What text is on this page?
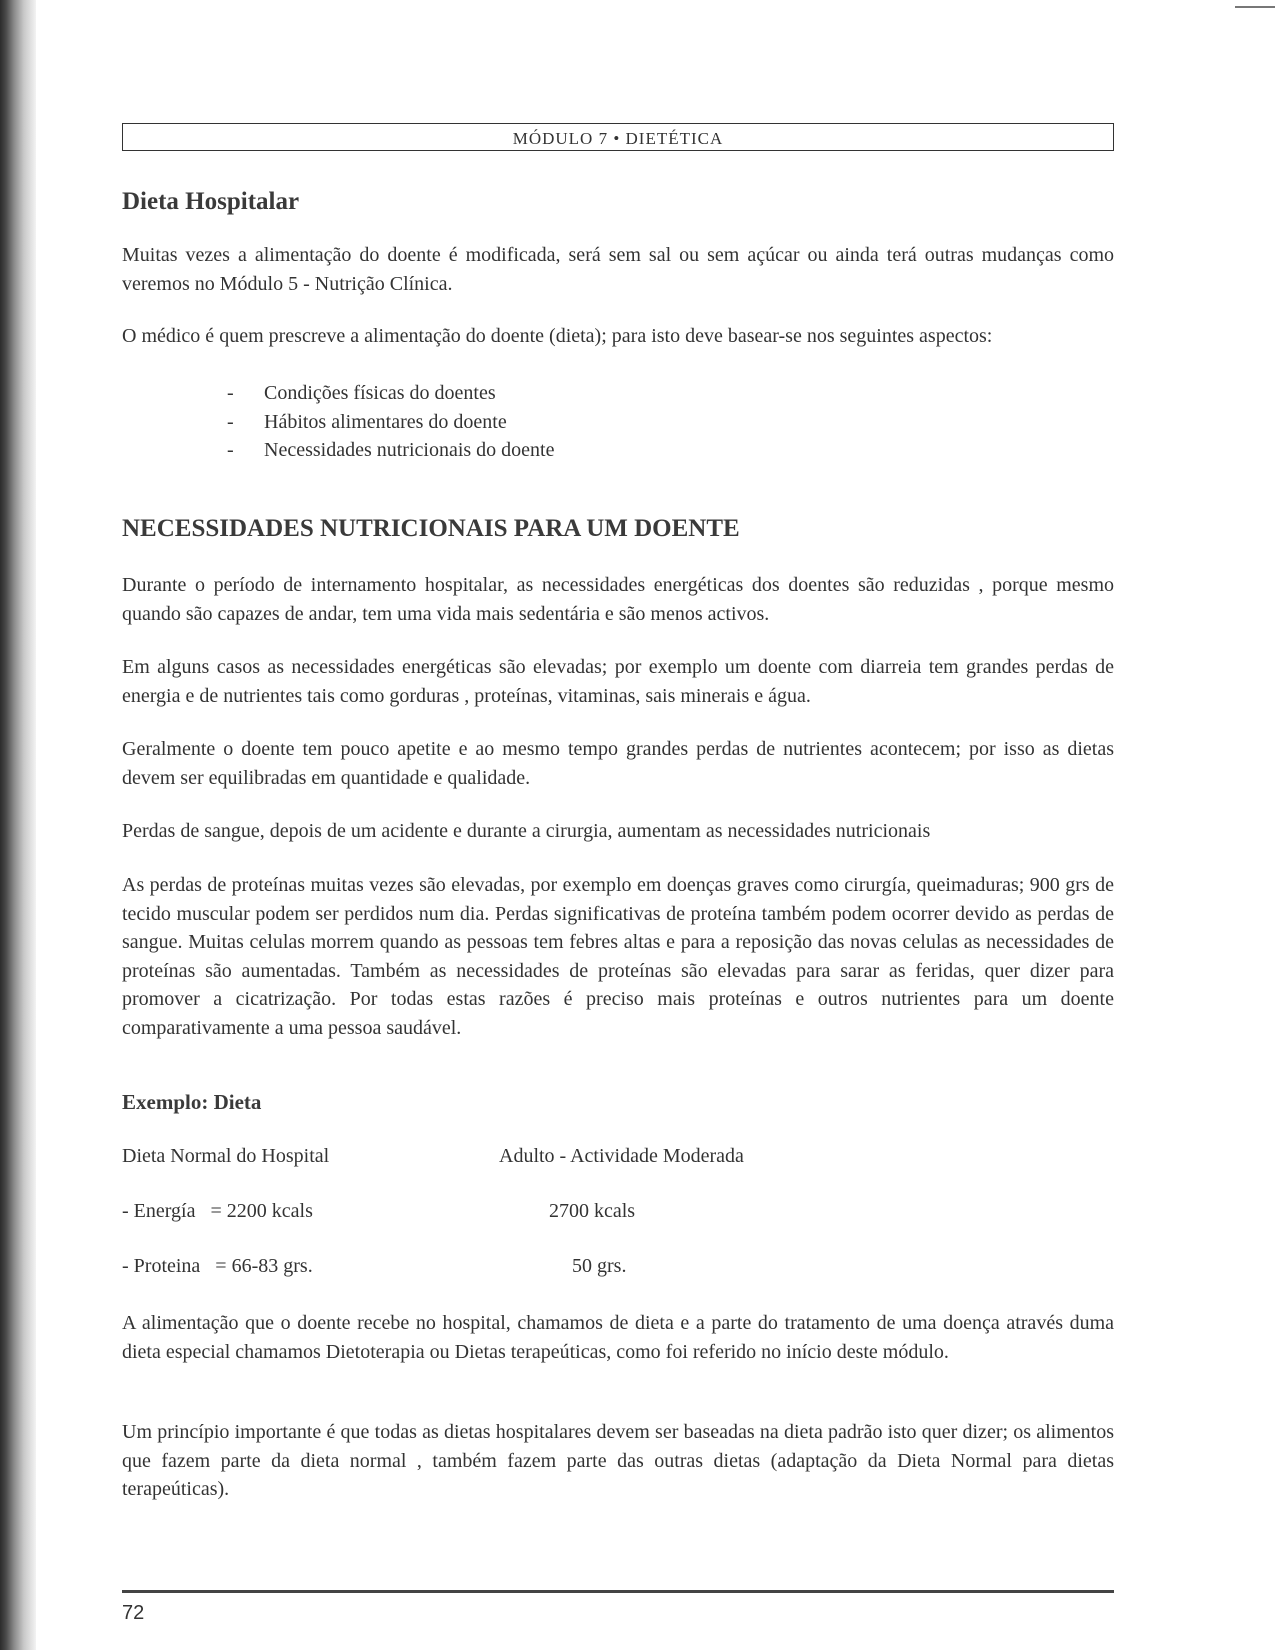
MÓDULO 7 • DIETÉTICA
Dieta Hospitalar
Muitas vezes a alimentação do doente é modificada, será sem sal ou sem açúcar ou ainda terá outras mudanças como veremos no Módulo 5 - Nutrição Clínica.
O médico é quem prescreve a alimentação do doente (dieta); para isto deve basear-se nos seguintes aspectos:
- Condições físicas do doentes
- Hábitos alimentares do doente
- Necessidades nutricionais do doente
NECESSIDADES NUTRICIONAIS PARA UM DOENTE
Durante o período de internamento hospitalar, as necessidades energéticas dos doentes são reduzidas , porque mesmo quando são capazes de andar, tem uma vida mais sedentária e são menos activos.
Em alguns casos as necessidades energéticas são elevadas; por exemplo um doente com diarreia tem grandes perdas de energia e de nutrientes tais como gorduras , proteínas, vitaminas, sais minerais e água.
Geralmente o doente tem pouco apetite e ao mesmo tempo grandes perdas de nutrientes acontecem; por isso as dietas devem ser equilibradas em quantidade e qualidade.
Perdas de sangue, depois de um acidente e durante a cirurgia, aumentam as necessidades nutricionais
As perdas de proteínas muitas vezes são elevadas, por exemplo em doenças graves como cirurgía, queimaduras; 900 grs de tecido muscular podem ser perdidos num dia. Perdas significativas de proteína também podem ocorrer devido as perdas de sangue. Muitas celulas morrem quando as pessoas tem febres altas e para a reposição das novas celulas as necessidades de proteínas são aumentadas. Também as necessidades de proteínas são elevadas para sarar as feridas, quer dizer para promover a cicatrização. Por todas estas razões é preciso mais proteínas e outros nutrientes para um doente comparativamente a uma pessoa saudável.
Exemplo: Dieta
Dieta Normal do Hospital	Adulto - Actividade Moderada
- Energía   = 2200 kcals	2700 kcals
- Proteina   = 66-83 grs.	50 grs.
A alimentação que o doente recebe no hospital, chamamos de dieta e a parte do tratamento de uma doença através duma dieta especial chamamos Dietoterapia ou Dietas terapeúticas, como foi referido no início deste módulo.
Um princípio importante é que todas as dietas hospitalares devem ser baseadas na dieta padrão isto quer dizer; os alimentos que fazem parte da dieta normal , também fazem parte das outras dietas (adaptação da Dieta Normal para dietas terapeúticas).
72
